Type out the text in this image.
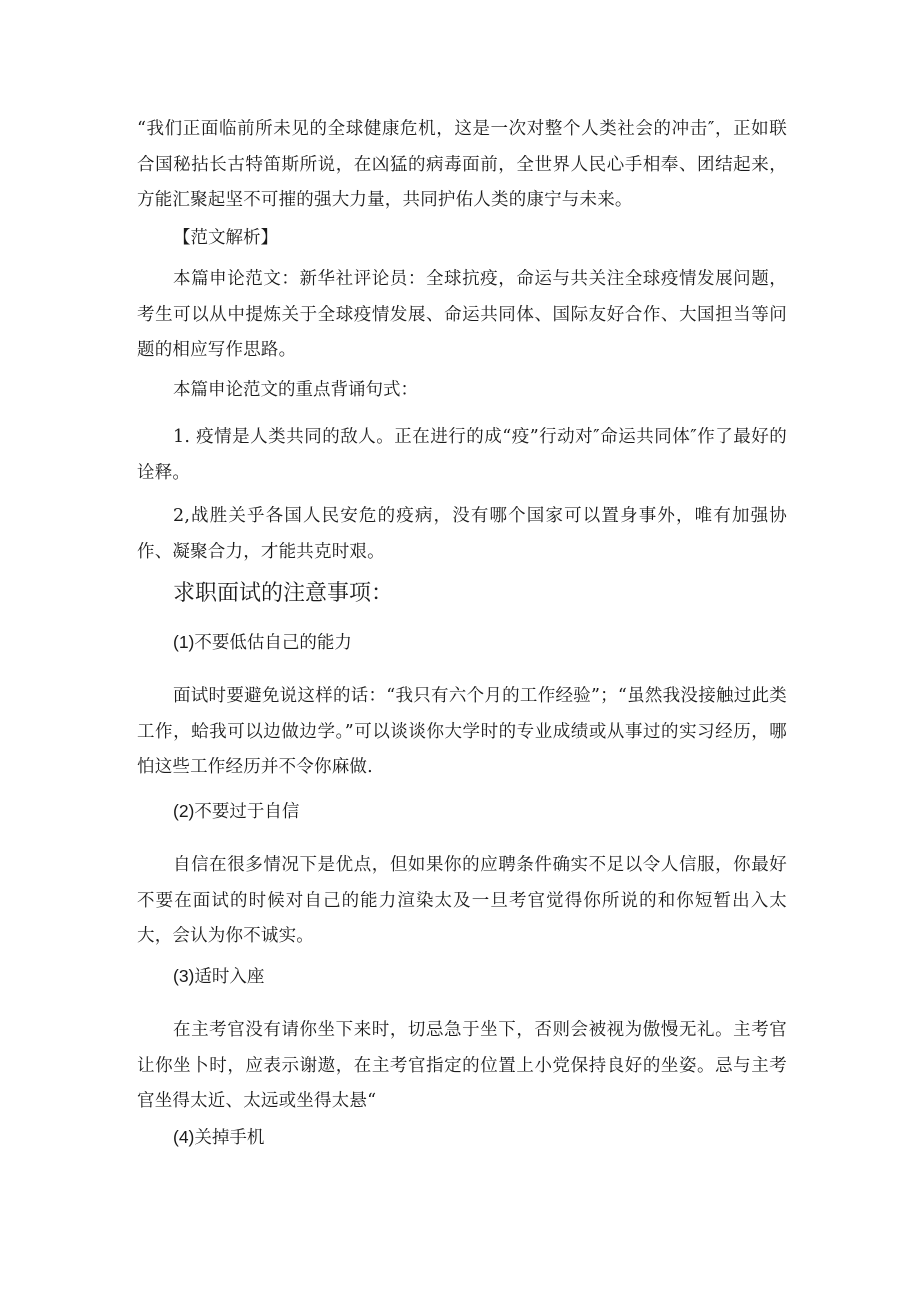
“我们正面临前所未见的全球健康危机，这是一次对整个人类社会的冲击″，正如联合国秘拈长古特笛斯所说，在凶猛的病毒面前，全世界人民心手相奉、团结起来，方能汇聚起坚不可摧的强大力量，共同护佑人类的康宁与未来。

【范文解析】

本篇申论范文：新华社评论员：全球抗疫，命运与共关注全球疫情发展问题，考生可以从中提炼关于全球疫情发展、命运共同体、国际友好合作、大国担当等问题的相应写作思路。

本篇申论范文的重点背诵句式：

1. 疫情是人类共同的敌人。正在进行的成“疫”行动对″命运共同体″作了最好的诠释。

2,战胜关乎各国人民安危的疫病，没有哪个国家可以置身事外，唯有加强协作、凝聚合力，才能共克时艰。

求职面试的注意事项：

(1)不要低估自己的能力

面试时要避免说这样的话：“我只有六个月的工作经验”；“虽然我没接触过此类工作，蛤我可以边做边学。”可以谈谈你大学时的专业成绩或从事过的实习经历，哪怕这些工作经历并不令你麻做.

(2)不要过于自信

自信在很多情况下是优点，但如果你的应聘条件确实不足以令人信服，你最好不要在面试的时候对自己的能力渲染太及一旦考官觉得你所说的和你短暂出入太大，会认为你不诚实。

(3)适时入座

在主考官没有请你坐下来时，切忌急于坐下，否则会被视为傲慢无礼。主考官让你坐卜时，应表示谢遨，在主考官指定的位置上小党保持良好的坐姿。忌与主考官坐得太近、太远或坐得太悬“

(4)关掉手机
